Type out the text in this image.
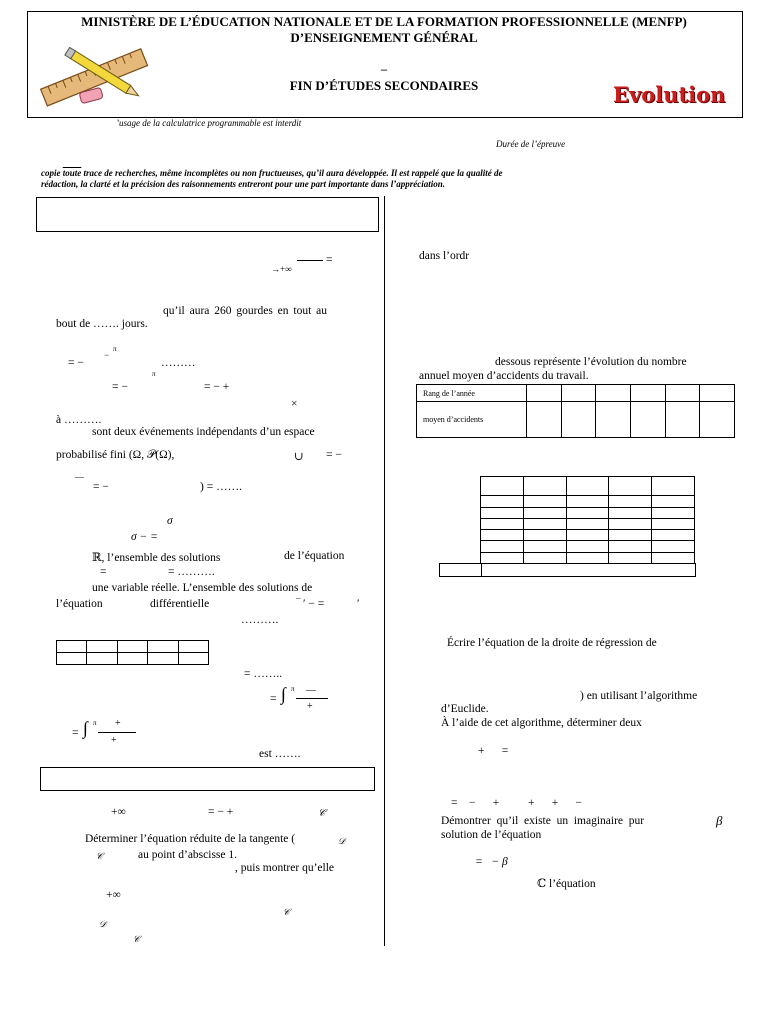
MINISTÈRE DE L’ÉDUCATION NATIONALE ET DE LA FORMATION PROFESSIONNELLE (MENFP)
D’ENSEIGNEMENT GÉNÉRAL
–
FIN D’ÉTUDES SECONDAIRES	Evolution
’usage de la calculatrice programmable est interdit
Durée de l’épreuve
copie toute trace de recherches, même incomplètes ou non fructueuses, qu’il aura développée. Il est rappelé que la qualité de
rédaction, la clarté et la précision des raisonnements entreront pour une part importante dans l’appréciation.
→+∞
=
qu’il aura 260 gourdes en tout au
bout de ……. jours.
= −
−
π
………
π
= −	= − +
×
à ……….
sont deux événements indépendants d’un espace
probabilisé fini (Ω, 𝒫(Ω),	∪ = −
—
= −	) = …….
σ
σ − =
ℝ, l’ensemble des solutions	de l’équation
=	= ……….
une variable réelle. L’ensemble des solutions de
l’équation	différentielle	¯ ′ − =	′
……….

= ……..
= ∫ π —
+
= ∫ π +
+
est …….
+∞	= − +	𝒞
Déterminer l’équation réduite de la tangente (	𝒟
𝒞	au point d’abscisse 1.
, puis montrer qu’elle
+∞
𝒞
𝒟
𝒞
dans l’ordr
dessous représente l’évolution du nombre
annuel moyen d’accidents du travail.
Rang de l’année						
moyen d’accidents						

Écrire l’équation de la droite de régression de
) en utilisant l’algorithme
d’Euclide.
À l’aide de cet algorithme, déterminer deux
+      =
=    −      +          +      +      −
Démontrer  qu’il  existe  un  imaginaire  pur	β
solution de l’équation
=   − β
ℂ l’équation
